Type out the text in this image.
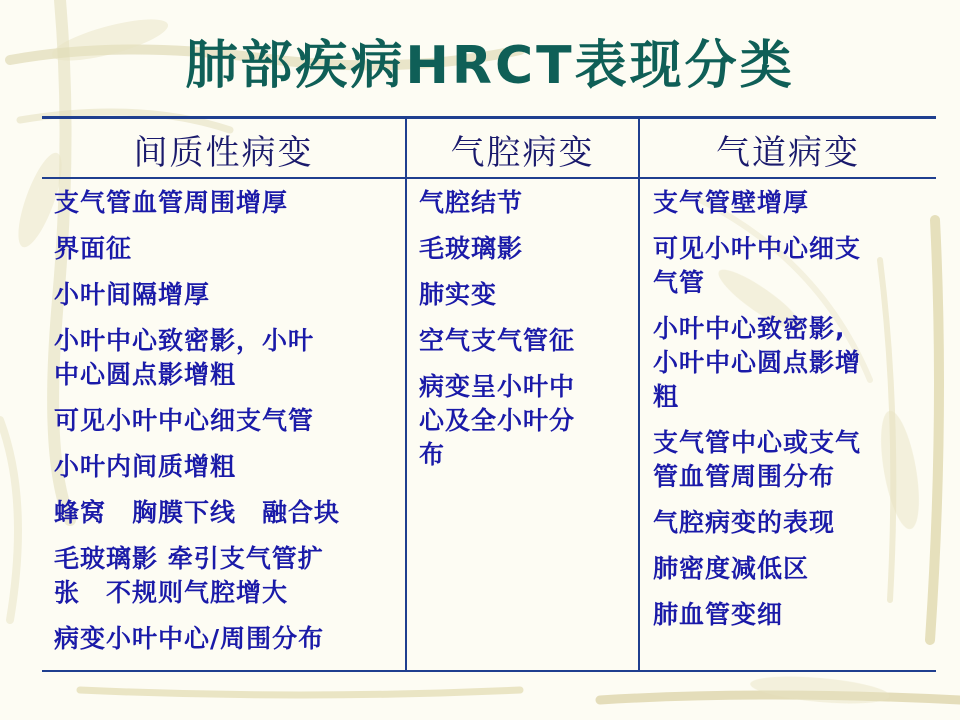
肺部疾病HRCT表现分类
间质性病变	气腔病变	气道病变
支气管血管周围增厚
界面征
小叶间隔增厚
小叶中心致密影，小叶
中心圆点影增粗
可见小叶中心细支气管
小叶内间质增粗
蜂窝　胸膜下线　融合块
毛玻璃影 牵引支气管扩
张　不规则气腔增大
病变小叶中心/周围分布
气腔结节
毛玻璃影
肺实变
空气支气管征
病变呈小叶中
心及全小叶分
布
支气管壁增厚
可见小叶中心细支
气管
小叶中心致密影,
小叶中心圆点影增
粗
支气管中心或支气
管血管周围分布
气腔病变的表现
肺密度减低区
肺血管变细
